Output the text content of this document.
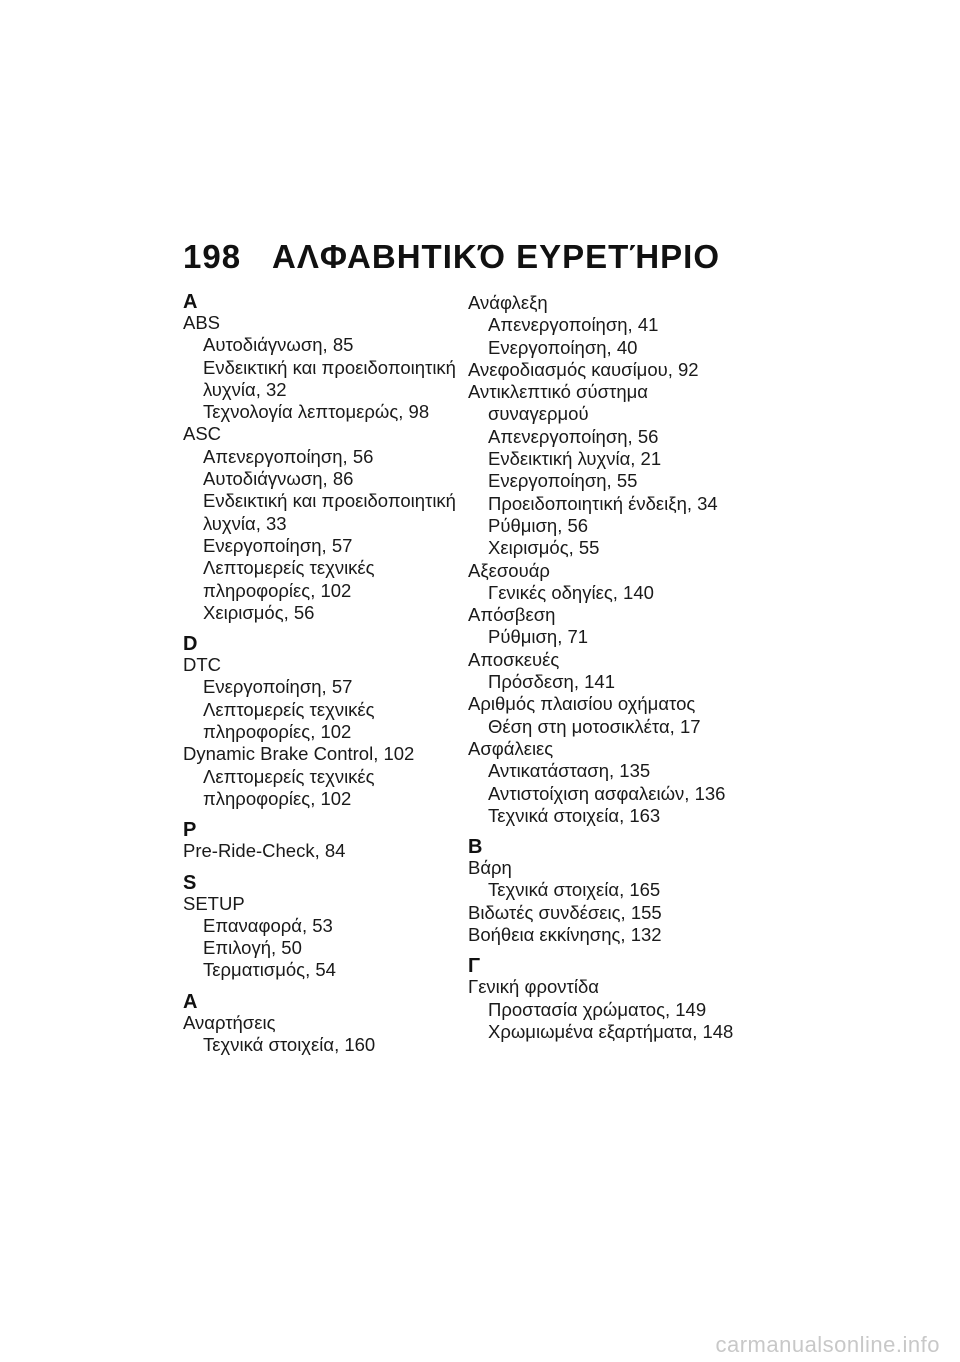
198 ΑΛΦΑΒΗΤΙΚΌ ΕΥΡΕΤΉΡΙΟ
A
ABS
Αυτοδιάγνωση, 85
Ενδεικτική και προειδοποιητική
λυχνία, 32
Τεχνολογία λεπτομερώς, 98
ASC
Απενεργοποίηση, 56
Αυτοδιάγνωση, 86
Ενδεικτική και προειδοποιητική
λυχνία, 33
Ενεργοποίηση, 57
Λεπτομερείς τεχνικές
πληροφορίες, 102
Χειρισμός, 56
D
DTC
Ενεργοποίηση, 57
Λεπτομερείς τεχνικές
πληροφορίες, 102
Dynamic Brake Control, 102
Λεπτομερείς τεχνικές
πληροφορίες, 102
P
Pre-Ride-Check, 84
S
SETUP
Επαναφορά, 53
Επιλογή, 50
Τερματισμός, 54
Α
Αναρτήσεις
Τεχνικά στοιχεία, 160
Ανάφλεξη
Απενεργοποίηση, 41
Ενεργοποίηση, 40
Ανεφοδιασμός καυσίμου, 92
Αντικλεπτικό σύστημα
συναγερμού
Απενεργοποίηση, 56
Ενδεικτική λυχνία, 21
Ενεργοποίηση, 55
Προειδοποιητική ένδειξη, 34
Ρύθμιση, 56
Χειρισμός, 55
Αξεσουάρ
Γενικές οδηγίες, 140
Απόσβεση
Ρύθμιση, 71
Αποσκευές
Πρόσδεση, 141
Αριθμός πλαισίου οχήματος
Θέση στη μοτοσικλέτα, 17
Ασφάλειες
Αντικατάσταση, 135
Αντιστοίχιση ασφαλειών, 136
Τεχνικά στοιχεία, 163
Β
Βάρη
Τεχνικά στοιχεία, 165
Βιδωτές συνδέσεις, 155
Βοήθεια εκκίνησης, 132
Γ
Γενική φροντίδα
Προστασία χρώματος, 149
Χρωμιωμένα εξαρτήματα, 148
carmanualsonline.info
